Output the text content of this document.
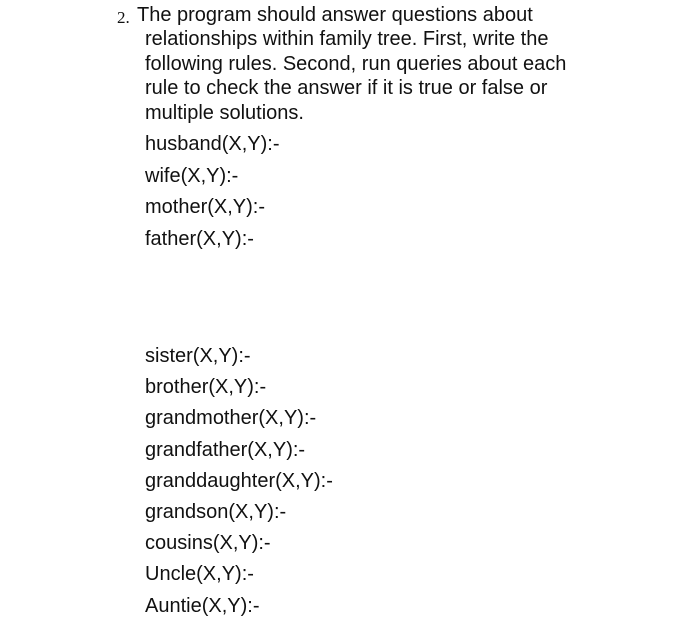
2. The program should answer questions about
relationships within family tree. First, write the
following rules. Second, run queries about each
rule to check the answer if it is true or false or
multiple solutions.
husband(X,Y):-
wife(X,Y):-
mother(X,Y):-
father(X,Y):-
sister(X,Y):-
brother(X,Y):-
grandmother(X,Y):-
grandfather(X,Y):-
granddaughter(X,Y):-
grandson(X,Y):-
cousins(X,Y):-
Uncle(X,Y):-
Auntie(X,Y):-
